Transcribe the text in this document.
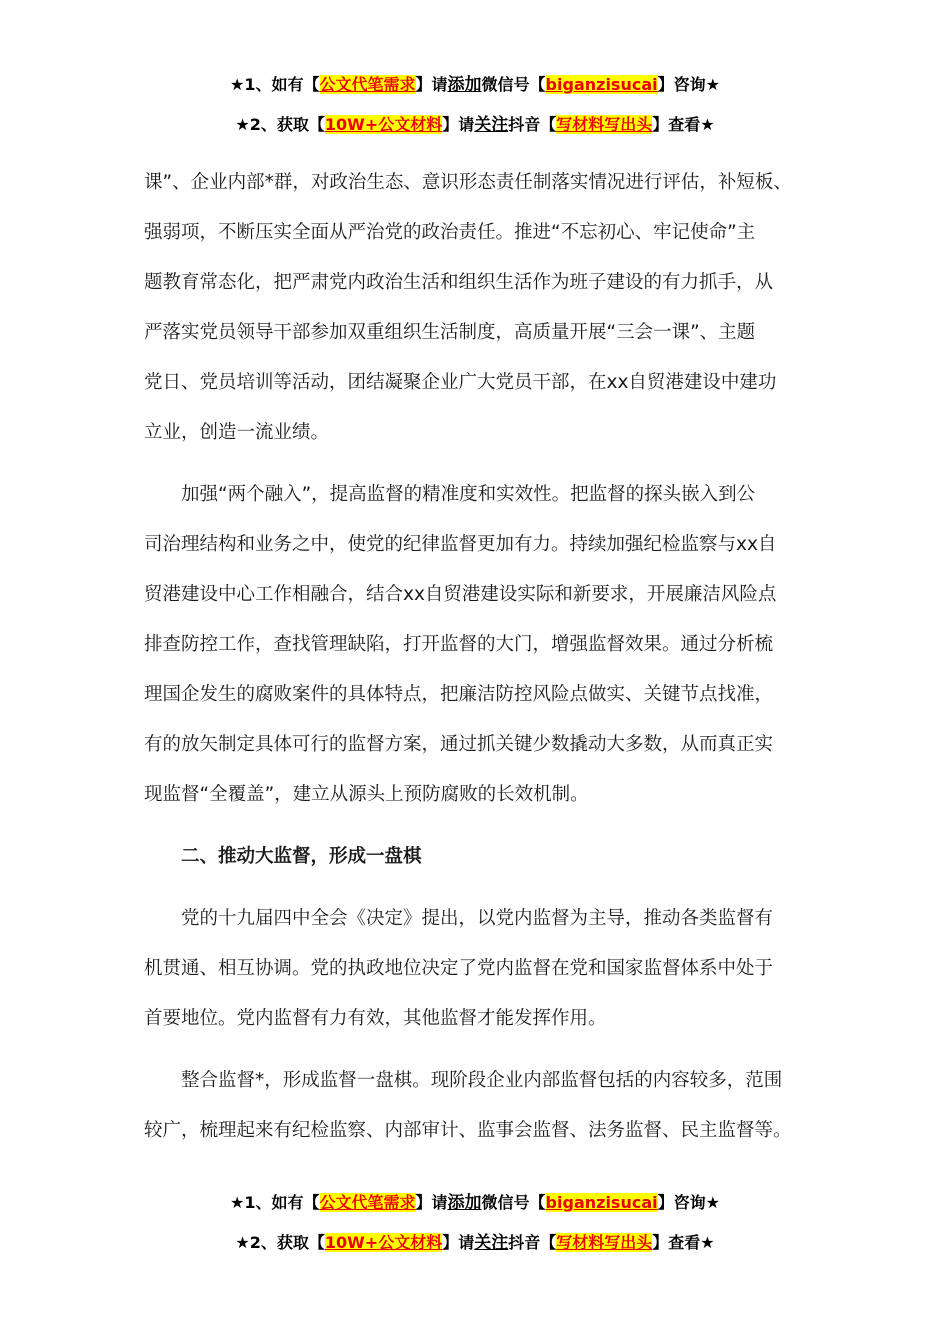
★1、如有【公文代笔需求】请添加微信号【biganzisucai】咨询★
★2、获取【10W+公文材料】请关注抖音【写材料写出头】查看★

课”、企业内部*群，对政治生态、意识形态责任制落实情况进行评估，补短板、
强弱项，不断压实全面从严治党的政治责任。推进“不忘初心、牢记使命”主
题教育常态化，把严肃党内政治生活和组织生活作为班子建设的有力抓手，从
严落实党员领导干部参加双重组织生活制度，高质量开展“三会一课”、主题
党日、党员培训等活动，团结凝聚企业广大党员干部，在xx自贸港建设中建功
立业，创造一流业绩。

加强“两个融入”，提高监督的精准度和实效性。把监督的探头嵌入到公
司治理结构和业务之中，使党的纪律监督更加有力。持续加强纪检监察与xx自
贸港建设中心工作相融合，结合xx自贸港建设实际和新要求，开展廉洁风险点
排查防控工作，查找管理缺陷，打开监督的大门，增强监督效果。通过分析梳
理国企发生的腐败案件的具体特点，把廉洁防控风险点做实、关键节点找准，
有的放矢制定具体可行的监督方案，通过抓关键少数撬动大多数，从而真正实
现监督“全覆盖”，建立从源头上预防腐败的长效机制。

二、推动大监督，形成一盘棋

党的十九届四中全会《决定》提出，以党内监督为主导，推动各类监督有
机贯通、相互协调。党的执政地位决定了党内监督在党和国家监督体系中处于
首要地位。党内监督有力有效，其他监督才能发挥作用。

整合监督*，形成监督一盘棋。现阶段企业内部监督包括的内容较多，范围
较广，梳理起来有纪检监察、内部审计、监事会监督、法务监督、民主监督等。

★1、如有【公文代笔需求】请添加微信号【biganzisucai】咨询★
★2、获取【10W+公文材料】请关注抖音【写材料写出头】查看★
